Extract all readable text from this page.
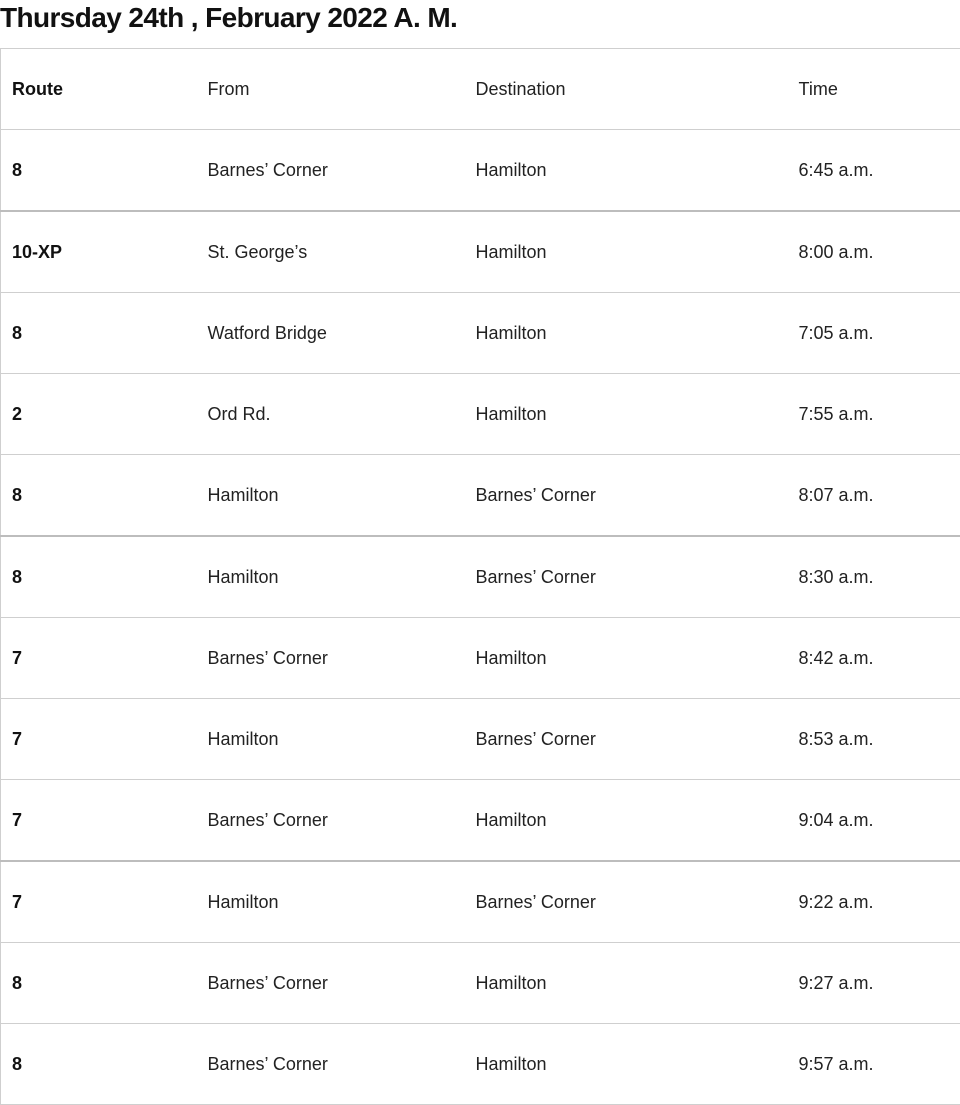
Thursday 24th , February 2022 A. M.
Route	From	Destination	Time
8	Barnes’ Corner	Hamilton	6:45 a.m.
10-XP	St. George’s	Hamilton	8:00 a.m.
8	Watford Bridge	Hamilton	7:05 a.m.
2	Ord Rd.	Hamilton	7:55 a.m.
8	Hamilton	Barnes’ Corner	8:07 a.m.
8	Hamilton	Barnes’ Corner	8:30 a.m.
7	Barnes’ Corner	Hamilton	8:42 a.m.
7	Hamilton	Barnes’ Corner	8:53 a.m.
7	Barnes’ Corner	Hamilton	9:04 a.m.
7	Hamilton	Barnes’ Corner	9:22 a.m.
8	Barnes’ Corner	Hamilton	9:27 a.m.
8	Barnes’ Corner	Hamilton	9:57 a.m.
